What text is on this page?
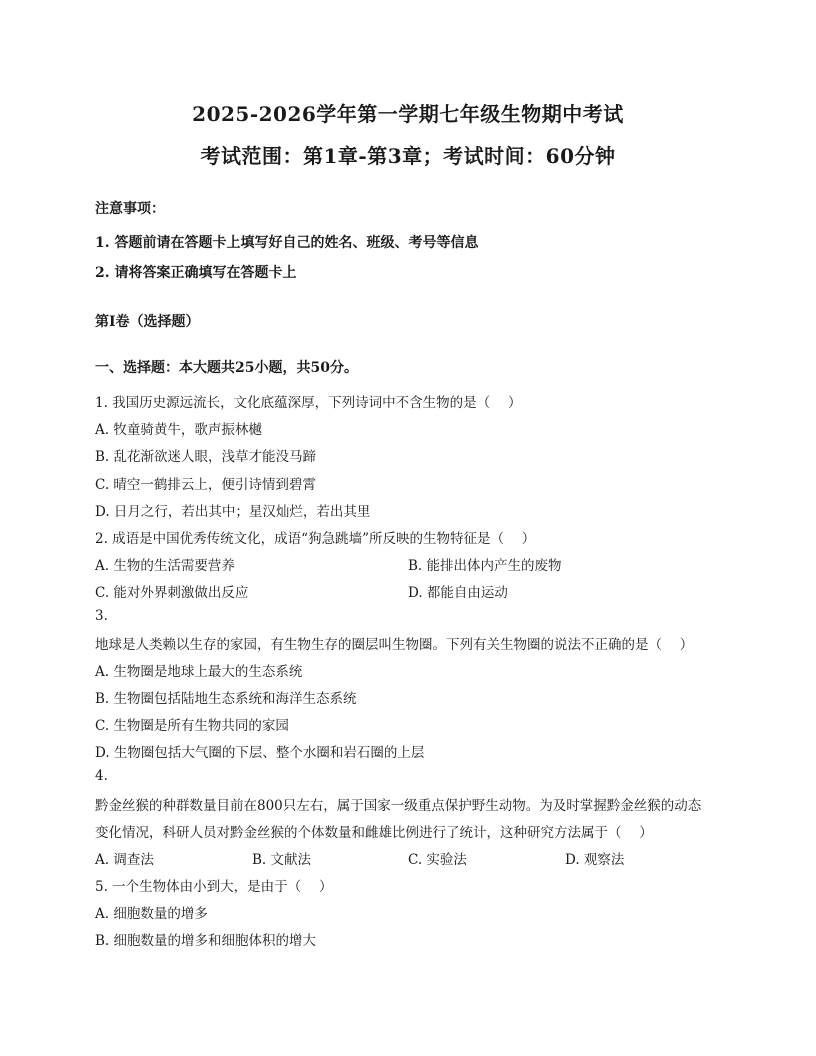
2025-2026学年第一学期七年级生物期中考试
考试范围：第1章-第3章；考试时间：60分钟
注意事项：
1. 答题前请在答题卡上填写好自己的姓名、班级、考号等信息
2. 请将答案正确填写在答题卡上
第Ⅰ卷（选择题）
一、选择题：本大题共25小题，共50分。
1. 我国历史源远流长，文化底蕴深厚，下列诗词中不含生物的是（　 ）
A. 牧童骑黄牛，歌声振林樾
B. 乱花渐欲迷人眼，浅草才能没马蹄
C. 晴空一鹤排云上，便引诗情到碧霄
D. 日月之行，若出其中；星汉灿烂，若出其里
2. 成语是中国优秀传统文化，成语“狗急跳墙”所反映的生物特征是（　 ）
A. 生物的生活需要营养	B. 能排出体内产生的废物
C. 能对外界刺激做出反应	D. 都能自由运动
3.
地球是人类赖以生存的家园，有生物生存的圈层叫生物圈。下列有关生物圈的说法不正确的是（　 ）
A. 生物圈是地球上最大的生态系统
B. 生物圈包括陆地生态系统和海洋生态系统
C. 生物圈是所有生物共同的家园
D. 生物圈包括大气圈的下层、整个水圈和岩石圈的上层
4.
黔金丝猴的种群数量目前在800只左右，属于国家一级重点保护野生动物。为及时掌握黔金丝猴的动态
变化情况，科研人员对黔金丝猴的个体数量和雌雄比例进行了统计，这种研究方法属于（　 ）
A. 调查法	B. 文献法	C. 实验法	D. 观察法
5. 一个生物体由小到大，是由于（　 ）
A. 细胞数量的增多
B. 细胞数量的增多和细胞体积的增大
